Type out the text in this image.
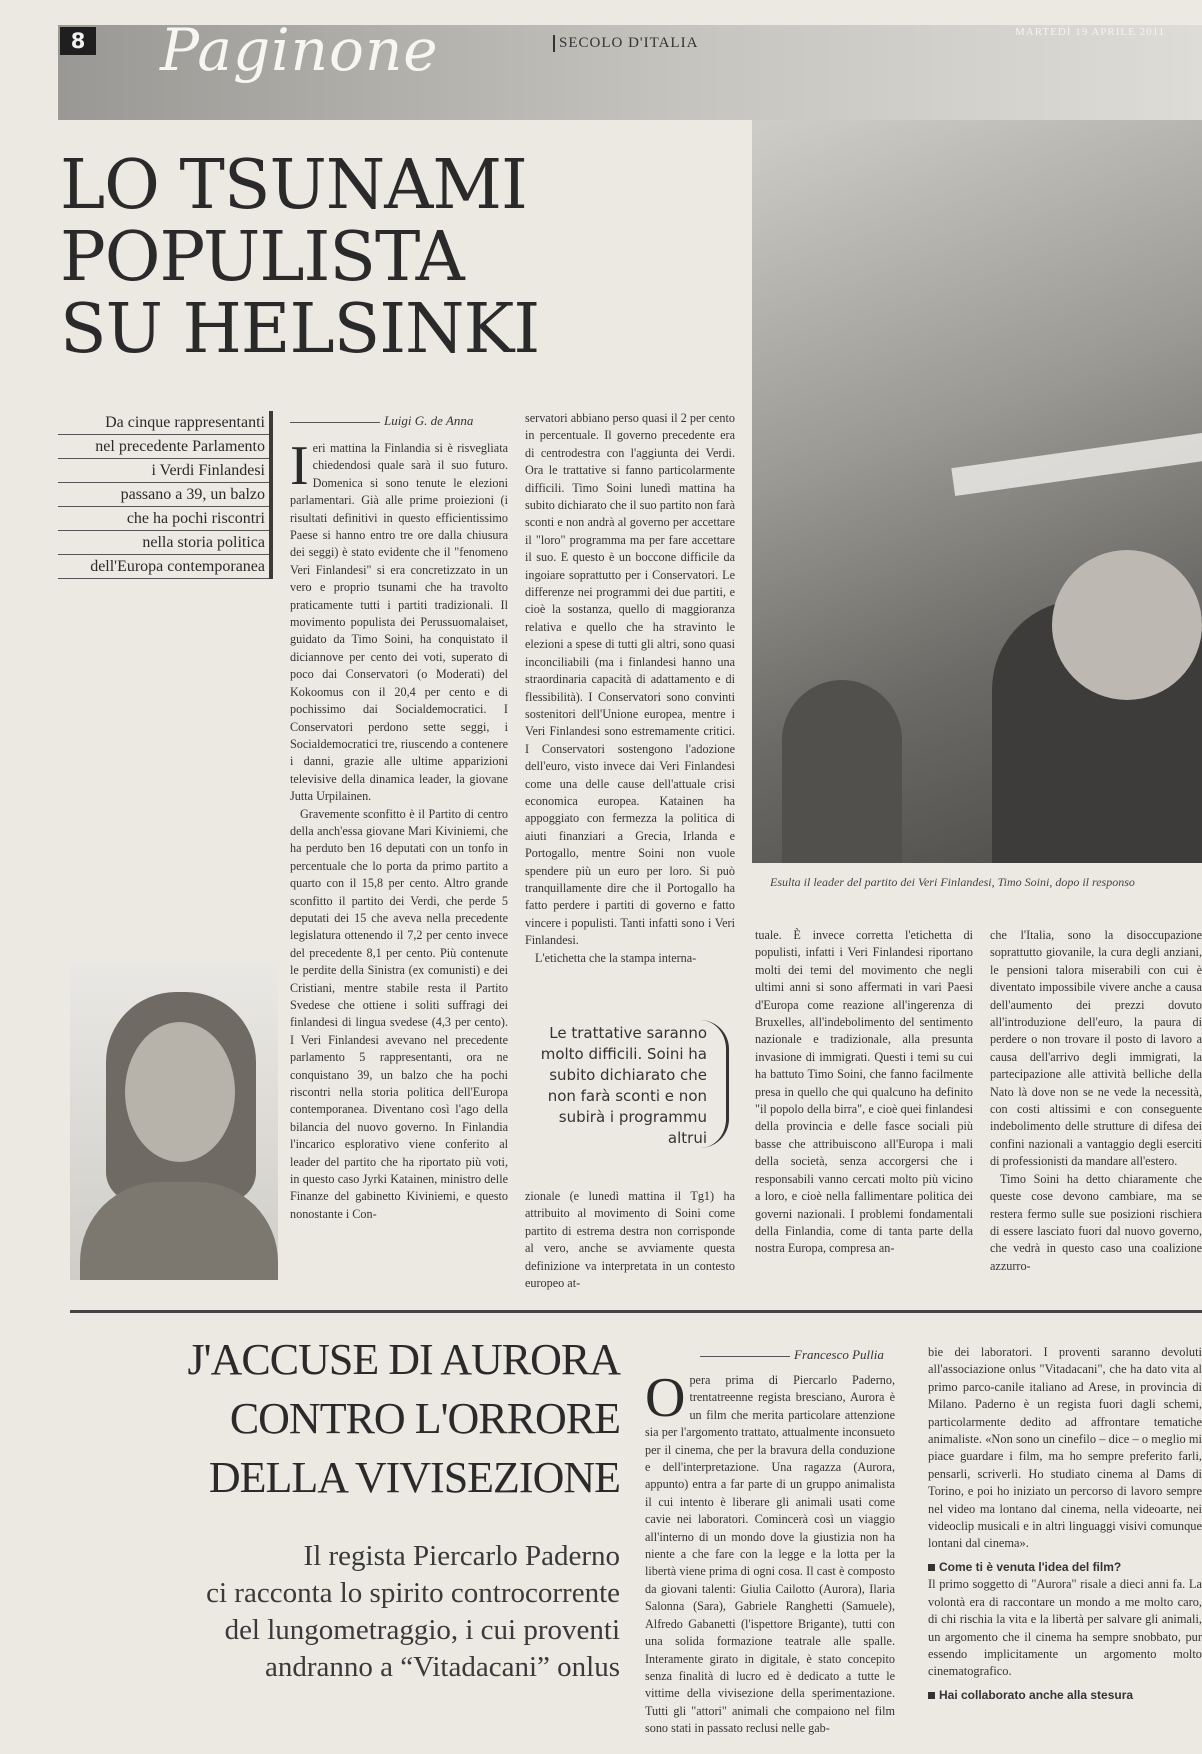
8 Paginone	SECOLO D'ITALIA
MARTEDÌ 19 APRILE 2011
LO TSUNAMI
POPULISTA
SU HELSINKI
Esulta il leader del partito dei Veri Finlandesi, Timo Soini, dopo il responso
Da cinque rappresentanti
nel precedente Parlamento
i Verdi Finlandesi
passano a 39, un balzo
che ha pochi riscontri
nella storia politica
dell'Europa contemporanea
Luigi G. de Anna

Ieri mattina la Finlandia si è risvegliata chiedendosi quale sarà il suo futuro. Domenica si sono tenute le elezioni parlamentari. Già alle prime proiezioni (i risultati definitivi in questo efficientissimo Paese si hanno entro tre ore dalla chiusura dei seggi) è stato evidente che il "fenomeno Veri Finlandesi" si era concretizzato in un vero e proprio tsunami che ha travolto praticamente tutti i partiti tradizionali. Il movimento populista dei Perussuomalaiset, guidato da Timo Soini, ha conquistato il diciannove per cento dei voti, superato di poco dai Conservatori (o Moderati) del Kokoomus con il 20,4 per cento e di pochissimo dai Socialdemocratici. I Conservatori perdono sette seggi, i Socialdemocratici tre, riuscendo a contenere i danni, grazie alle ultime apparizioni televisive della dinamica leader, la giovane Jutta Urpilainen.

Gravemente sconfitto è il Partito di centro della anch'essa giovane Mari Kiviniemi, che ha perduto ben 16 deputati con un tonfo in percentuale che lo porta da primo partito a quarto con il 15,8 per cento. Altro grande sconfitto il partito dei Verdi, che perde 5 deputati dei 15 che aveva nella precedente legislatura ottenendo il 7,2 per cento invece del precedente 8,1 per cento. Più contenute le perdite della Sinistra (ex comunisti) e dei Cristiani, mentre stabile resta il Partito Svedese che ottiene i soliti suffragi dei finlandesi di lingua svedese (4,3 per cento). I Veri Finlandesi avevano nel precedente parlamento 5 rappresentanti, ora ne conquistano 39, un balzo che ha pochi riscontri nella storia politica dell'Europa contemporanea. Diventano così l'ago della bilancia del nuovo governo. In Finlandia l'incarico esplorativo viene conferito al leader del partito che ha riportato più voti, in questo caso Jyrki Katainen, ministro delle Finanze del gabinetto Kiviniemi, e questo nonostante i Con-

servatori abbiano perso quasi il 2 per cento in percentuale. Il governo precedente era di centrodestra con l'aggiunta dei Verdi. Ora le trattative si fanno particolarmente difficili. Timo Soini lunedì mattina ha subito dichiarato che il suo partito non farà sconti e non andrà al governo per accettare il "loro" programma ma per fare accettare il suo. E questo è un boccone difficile da ingoiare soprattutto per i Conservatori. Le differenze nei programmi dei due partiti, e cioè la sostanza, quello di maggioranza relativa e quello che ha stravinto le elezioni a spese di tutti gli altri, sono quasi inconciliabili (ma i finlandesi hanno una straordinaria capacità di adattamento e di flessibilità). I Conservatori sono convinti sostenitori dell'Unione europea, mentre i Veri Finlandesi sono estremamente critici. I Conservatori sostengono l'adozione dell'euro, visto invece dai Veri Finlandesi come una delle cause dell'attuale crisi economica europea. Katainen ha appoggiato con fermezza la politica di aiuti finanziari a Grecia, Irlanda e Portogallo, mentre Soini non vuole spendere più un euro per loro. Si può tranquillamente dire che il Portogallo ha fatto perdere i partiti di governo e fatto vincere i populisti. Tanti infatti sono i Veri Finlandesi.

L'etichetta che la stampa interna-

Le trattative saranno molto difficili. Soini ha subito dichiarato che non farà sconti e non subirà i programmu altrui

zionale (e lunedì mattina il Tg1) ha attribuito al movimento di Soini come partito di estrema destra non corrisponde al vero, anche se avviamente questa definizione va interpretata in un contesto europeo at-

tuale. È invece corretta l'etichetta di populisti, infatti i Veri Finlandesi riportano molti dei temi del movimento che negli ultimi anni si sono affermati in vari Paesi d'Europa come reazione all'ingerenza di Bruxelles, all'indebolimento del sentimento nazionale e tradizionale, alla presunta invasione di immigrati. Questi i temi su cui ha battuto Timo Soini, che fanno facilmente presa in quello che qui qualcuno ha definito "il popolo della birra", e cioè quei finlandesi della provincia e delle fasce sociali più basse che attribuiscono all'Europa i mali della società, senza accorgersi che i responsabili vanno cercati molto più vicino a loro, e cioè nella fallimentare politica dei governi nazionali. I problemi fondamentali della Finlandia, come di tanta parte della nostra Europa, compresa an-

che l'Italia, sono la disoccupazione soprattutto giovanile, la cura degli anziani, le pensioni talora miserabili con cui è diventato impossibile vivere anche a causa dell'aumento dei prezzi dovuto all'introduzione dell'euro, la paura di perdere o non trovare il posto di lavoro a causa dell'arrivo degli immigrati, la partecipazione alle attività belliche della Nato là dove non se ne vede la necessità, con costi altissimi e con conseguente indebolimento delle strutture di difesa dei confini nazionali a vantaggio degli eserciti di professionisti da mandare all'estero.

Timo Soini ha detto chiaramente che queste cose devono cambiare, ma se restera fermo sulle sue posizioni rischiera di essere lasciato fuori dal nuovo governo, che vedrà in questo caso una coalizione azzurro-

J'ACCUSE DI AURORA
CONTRO L'ORRORE
DELLA VIVISEZIONE
Il regista Piercarlo Paderno
ci racconta lo spirito controcorrente
del lungometraggio, i cui proventi
andranno a “Vitadacani” onlus
Francesco Pullia

Opera prima di Piercarlo Paderno, trentatreenne regista bresciano, Aurora è un film che merita particolare attenzione sia per l'argomento trattato, attualmente inconsueto per il cinema, che per la bravura della conduzione e dell'interpretazione. Una ragazza (Aurora, appunto) entra a far parte di un gruppo animalista il cui intento è liberare gli animali usati come cavie nei laboratori. Comincerà così un viaggio all'interno di un mondo dove la giustizia non ha niente a che fare con la legge e la lotta per la libertà viene prima di ogni cosa. Il cast è composto da giovani talenti: Giulia Cailotto (Aurora), Ilaria Salonna (Sara), Gabriele Ranghetti (Samuele), Alfredo Gabanetti (l'ispettore Brigante), tutti con una solida formazione teatrale alle spalle. Interamente girato in digitale, è stato concepito senza finalità di lucro ed è dedicato a tutte le vittime della vivisezione della sperimentazione. Tutti gli "attori" animali che compaiono nel film sono stati in passato reclusi nelle gab-

bie dei laboratori. I proventi saranno devoluti all'associazione onlus "Vitadacani", che ha dato vita al primo parco-canile italiano ad Arese, in provincia di Milano. Paderno è un regista fuori dagli schemi, particolarmente dedito ad affrontare tematiche animaliste. «Non sono un cinefilo – dice – o meglio mi piace guardare i film, ma ho sempre preferito farli, pensarli, scriverli. Ho studiato cinema al Dams di Torino, e poi ho iniziato un percorso di lavoro sempre nel video ma lontano dal cinema, nella videoarte, nei videoclip musicali e in altri linguaggi visivi comunque lontani dal cinema».

Come ti è venuta l'idea del film?

Il primo soggetto di "Aurora" risale a dieci anni fa. La volontà era di raccontare un mondo a me molto caro, di chi rischia la vita e la libertà per salvare gli animali, un argomento che il cinema ha sempre snobbato, pur essendo implicitamente un argomento molto cinematografico.

Hai collaborato anche alla stesura
